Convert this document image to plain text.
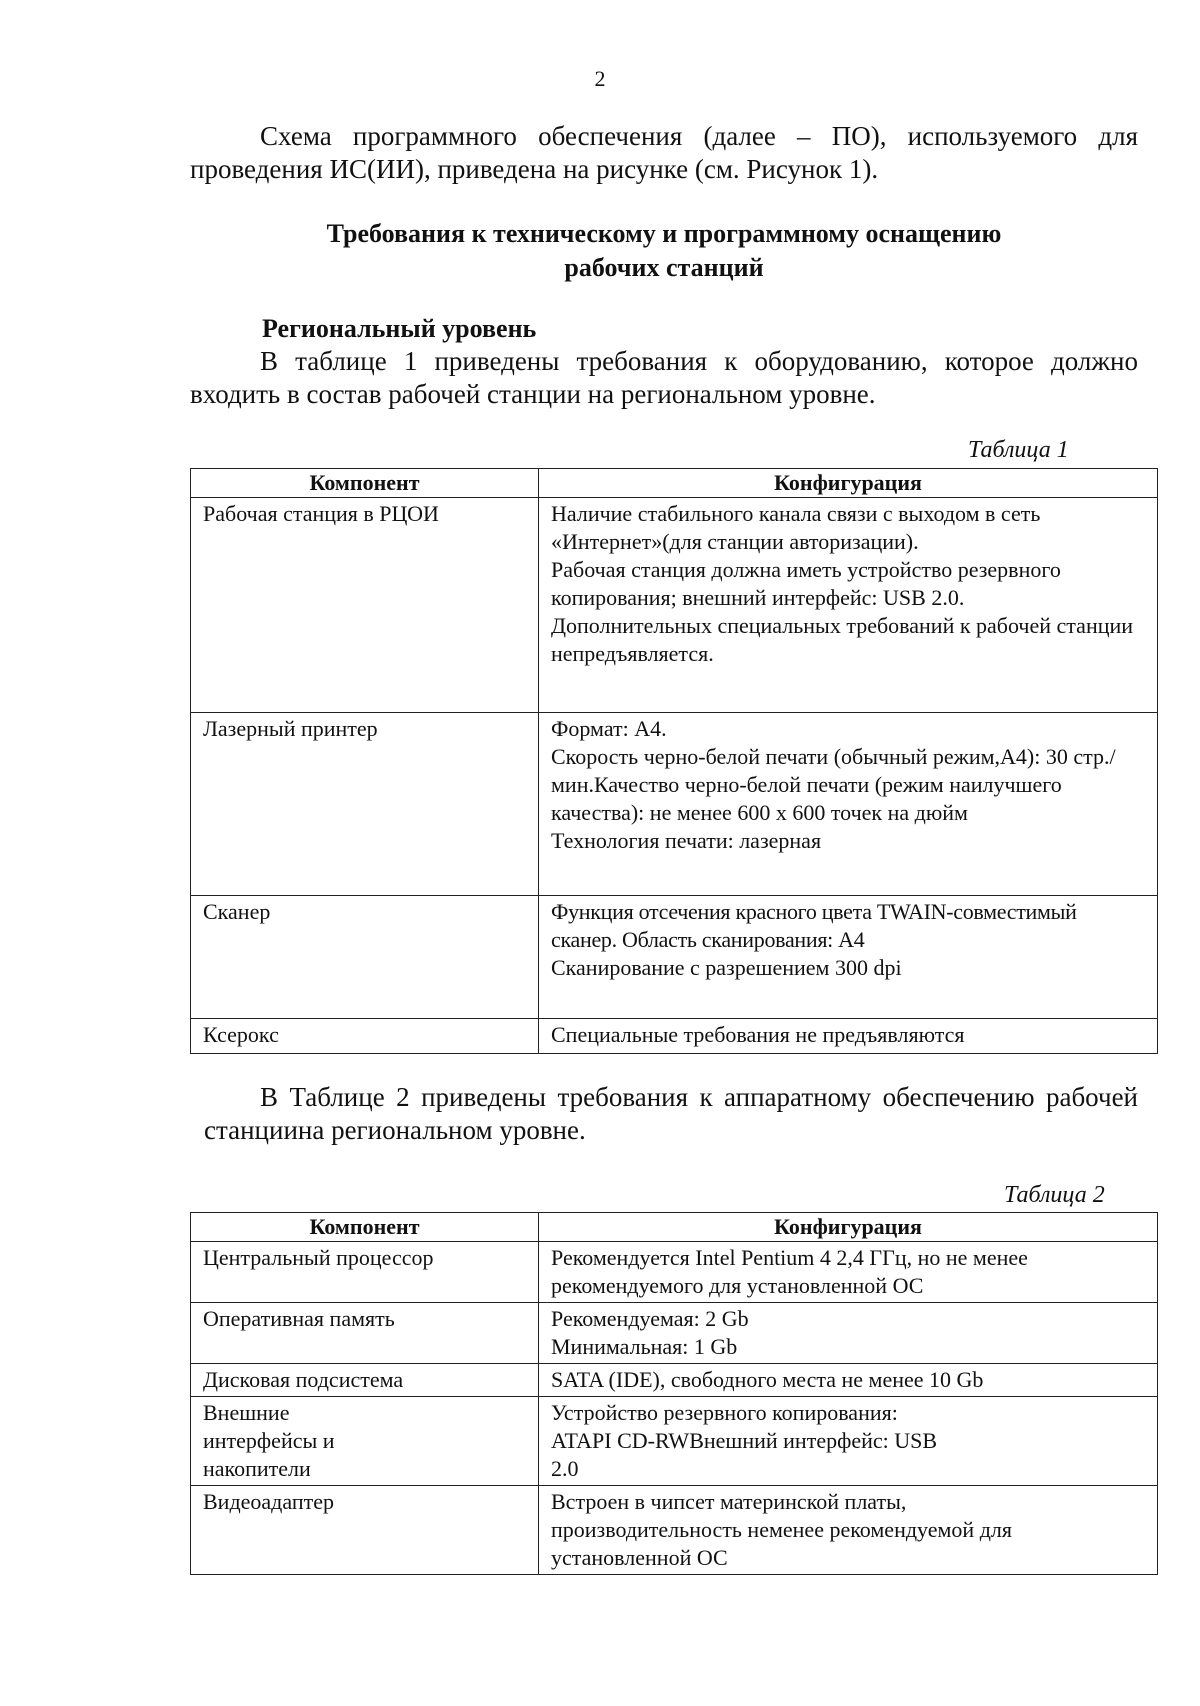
2
Схема программного обеспечения (далее – ПО), используемого для проведения ИС(ИИ), приведена на рисунке (см. Рисунок 1).
Требования к техническому и программному оснащению
рабочих станций
Региональный уровень
В таблице 1 приведены требования к оборудованию, которое должно входить в состав рабочей станции на региональном уровне.
Таблица 1
Компонент	Конфигурация
Рабочая станция в РЦОИ	Наличие стабильного канала связи с выходом в сеть «Интернет»(для станции авторизации).
Рабочая станция должна иметь устройство резервного копирования; внешний интерфейс: USB 2.0.
Дополнительных специальных требований к рабочей станции непредъявляется.

Лазерный принтер	Формат: А4.
Скорость черно-белой печати (обычный режим,А4): 30 стр./мин.Качество черно-белой печати (режим наилучшего качества): не менее 600 х 600 точек на дюйм
Технология печати: лазерная

Сканер	Функция отсечения красного цвета TWAIN-совместимый сканер. Область сканирования: А4
Сканирование с разрешением 300 dpi

Ксерокс	Специальные требования не предъявляются
В Таблице 2 приведены требования к аппаратному обеспечению рабочей станциина региональном уровне.
Таблица 2
Компонент	Конфигурация
Центральный процессор	Рекомендуется Intel Pentium 4 2,4 ГГц, но не менее рекомендуемого для установленной ОС

Оперативная память	Рекомендуемая: 2 Gb
Минимальная: 1 Gb

Дисковая подсистема	SATA (IDE), свободного места не менее 10 Gb

Внешние интерфейсы и накопители	Устройство резервного копирования: ATAPI CD-RWВнешний интерфейс: USB 2.0

Видеоадаптер	Встроен в чипсет материнской платы, производительность неменее рекомендуемой для установленной ОС
